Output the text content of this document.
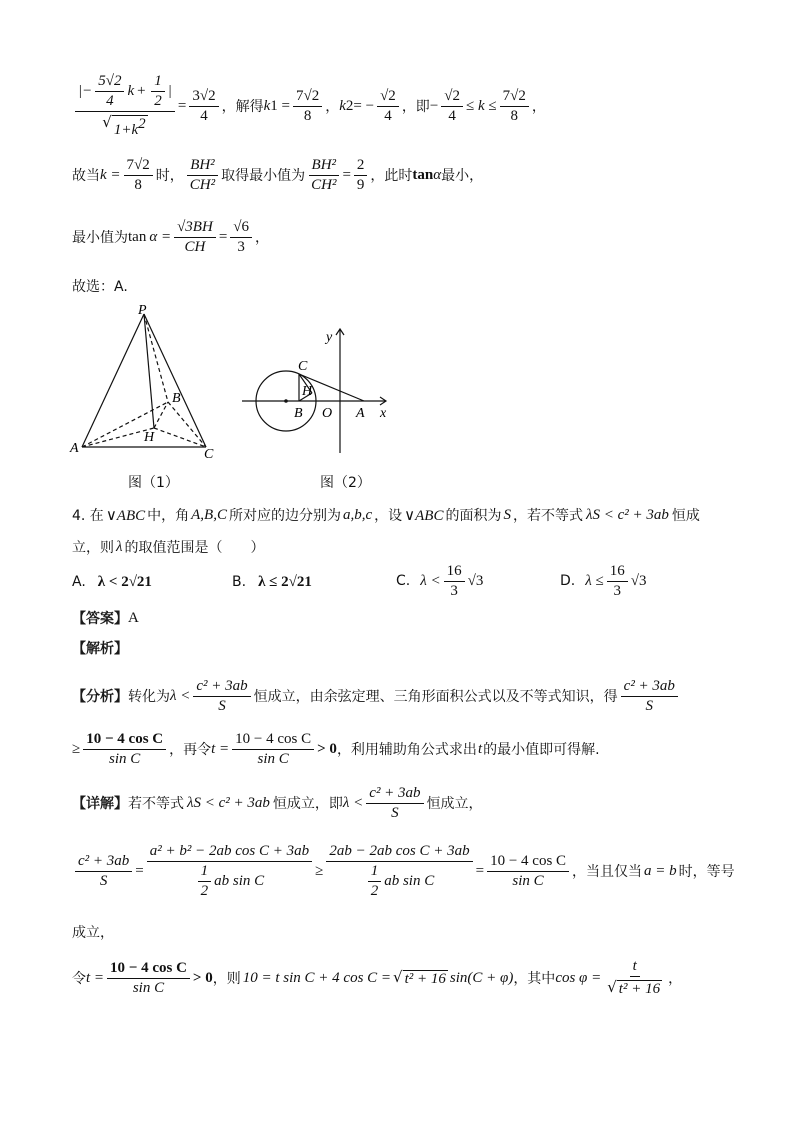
$\frac{|- \frac{5√2}{4} k + \frac{1}{2} |}{√ 1+k^2} = \frac{3√2}{4}$ ，解得 k $1 = \frac{7√2}{8}$ ， k 2 = − $\frac{√2}{4}$ ，即 − $\frac{√2}{4} \le k \le \frac{7√2}{8}$ ，
故当 $k = \frac{7√2}{8}$ 时， $\frac{\text{BH²}}{\text{CH²}}$ 取得最小值为 $\frac{\text{BH²}}{\text{CH²}} = \frac{2}{9}$ ，此时 tan α 最小，
最小值为 $\tan \alpha = \frac{√3BH}{CH} = \frac{√6}{3}$ ，
故选：A.
P
A
B
C
H
图（1）
y
x
C
H
B O A
图（2）
4. 在 ∨ABC 中，角 A,B,C 所对应的边分别为 a,b,c ，设 ∨ABC 的面积为 S ，若不等式 λS < c² + 3ab 恒成
立，则 λ 的取值范围是（　　）
A. λ < 2√21	B. λ ≤ 2√21	C. $\lambda < \frac{16}{3} √3$	D. $\lambda \le \frac{16}{3} √3$
【答案】 A
【解析】
【分析】 转化为 $\lambda < \frac{\text{c² + 3ab}}{S}$ 恒成立，由余弦定理、三角形面积公式以及不等式知识，得 $\frac{\text{c² + 3ab}}{S}$
≥ $\frac{\text{10 − 4 cos C}}{\text{sin C}}$ ，再令 $t = \frac{\text{10 − 4 cos C}}{\text{sin C}} > 0$ ，利用辅助角公式求出 t 的最小值即可得解.
【详解】 若不等式 λS < c² + 3ab 恒成立，即 $\lambda < \frac{\text{c² + 3ab}}{S}$ 恒成立，
$\frac{\text{c² + 3ab}}{S} = \frac{\text{a² + b² − 2ab cos C + 3ab}}{\frac{1}{2} ab \sin C} \ge \frac{\text{2ab − 2ab cos C + 3ab}}{\frac{1}{2} ab \sin C} = \frac{\text{10 − 4 cos C}}{\text{sin C}}$ ，当且仅当 a = b 时，等号
成立，
令 $t = \frac{\text{10 − 4 cos C}}{\text{sin C}} > 0$ ，则 10 = t sin C + 4 cos C = √ t² + 16 sin(C + φ) ，其中 $\cos \varphi = \frac{t}{\text{√ t² + 16}}$ ，
